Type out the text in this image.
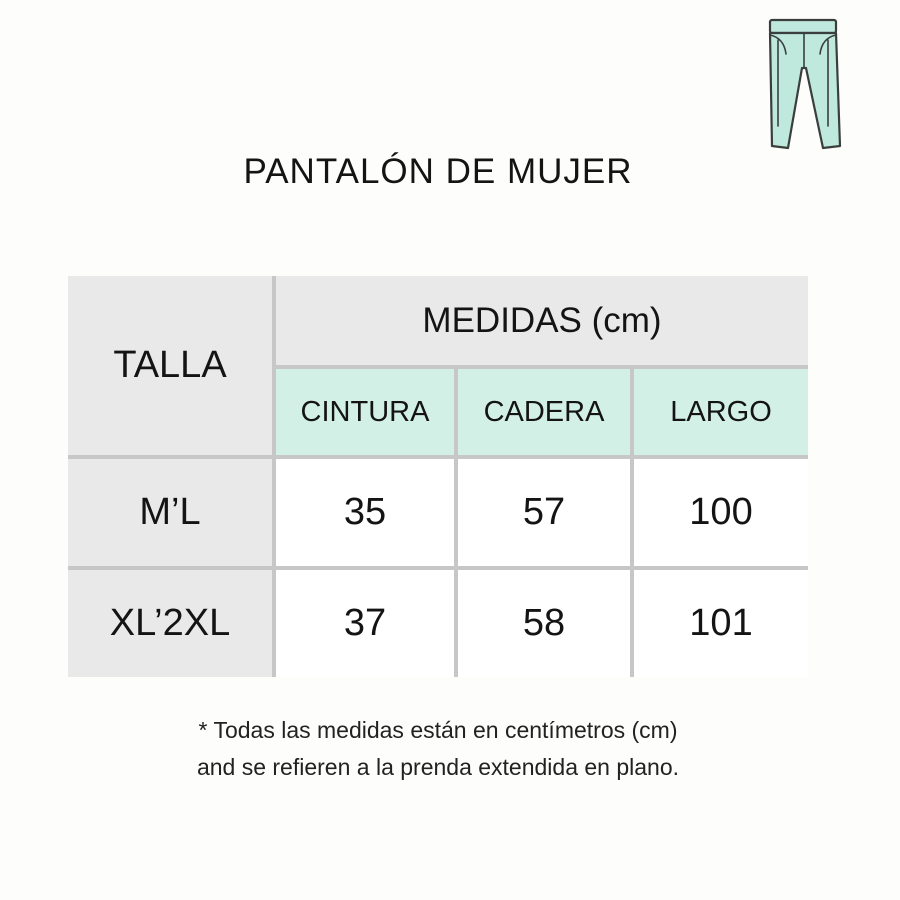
PANTALÓN DE MUJER
TALLA
MEDIDAS (cm)
CINTURA	CADERA	LARGO
M’L	35	57	100
XL’2XL	37	58	101
* Todas las medidas están en centímetros (cm)
and se refieren a la prenda extendida en plano.
